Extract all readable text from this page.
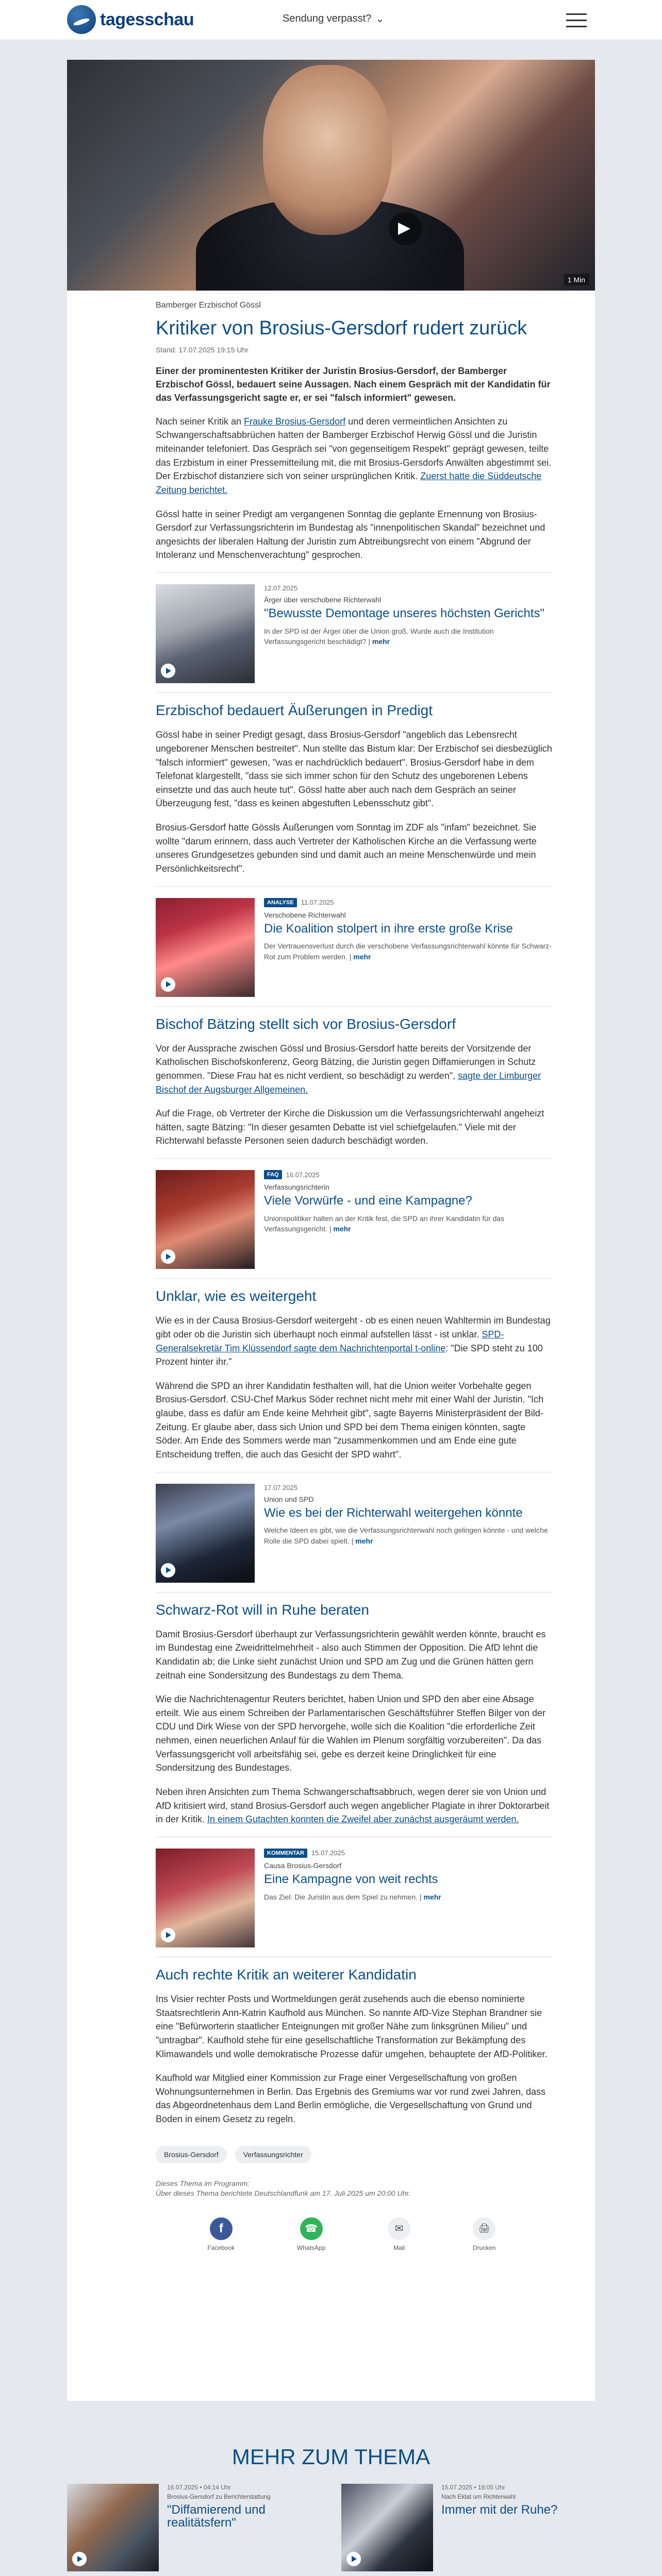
tagesschau	Sendung verpasst? ⌄
1 Min
Bamberger Erzbischof Gössl
Kritiker von Brosius-Gersdorf rudert zurück
Stand: 17.07.2025 19:15 Uhr

Einer der prominentesten Kritiker der Juristin Brosius-Gersdorf, der Bamberger Erzbischof Gössl, bedauert seine Aussagen. Nach einem Gespräch mit der Kandidatin für das Verfassungsgericht sagte er, er sei "falsch informiert" gewesen.

Nach seiner Kritik an Frauke Brosius-Gersdorf und deren vermeintlichen Ansichten zu Schwangerschaftsabbrüchen hatten der Bamberger Erzbischof Herwig Gössl und die Juristin miteinander telefoniert. Das Gespräch sei "von gegenseitigem Respekt" geprägt gewesen, teilte das Erzbistum in einer Pressemitteilung mit, die mit Brosius-Gersdorfs Anwälten abgestimmt sei. Der Erzbischof distanziere sich von seiner ursprünglichen Kritik. Zuerst hatte die Süddeutsche Zeitung berichtet.

Gössl hatte in seiner Predigt am vergangenen Sonntag die geplante Ernennung von Brosius-Gersdorf zur Verfassungsrichterin im Bundestag als "innenpolitischen Skandal" bezeichnet und angesichts der liberalen Haltung der Juristin zum Abtreibungsrecht von einem "Abgrund der Intoleranz und Menschenverachtung" gesprochen.

12.07.2025
Ärger über verschobene Richterwahl
"Bewusste Demontage unseres höchsten Gerichts"
In der SPD ist der Ärger über die Union groß. Wurde auch die Institution Verfassungsgericht beschädigt? | mehr
Erzbischof bedauert Äußerungen in Predigt

Gössl habe in seiner Predigt gesagt, dass Brosius-Gersdorf "angeblich das Lebensrecht ungeborener Menschen bestreitet". Nun stellte das Bistum klar: Der Erzbischof sei diesbezüglich "falsch informiert" gewesen, "was er nachdrücklich bedauert". Brosius-Gersdorf habe in dem Telefonat klargestellt, "dass sie sich immer schon für den Schutz des ungeborenen Lebens einsetzte und das auch heute tut". Gössl hatte aber auch nach dem Gespräch an seiner Überzeugung fest, "dass es keinen abgestuften Lebensschutz gibt".

Brosius-Gersdorf hatte Gössls Äußerungen vom Sonntag im ZDF als "infam" bezeichnet. Sie wollte "darum erinnern, dass auch Vertreter der Katholischen Kirche an die Verfassung werte unseres Grundgesetzes gebunden sind und damit auch an meine Menschenwürde und mein Persönlichkeitsrecht".

ANALYSE	11.07.2025
Verschobene Richterwahl
Die Koalition stolpert in ihre erste große Krise
Der Vertrauensverlust durch die verschobene Verfassungsrichterwahl könnte für Schwarz-Rot zum Problem werden. | mehr
Bischof Bätzing stellt sich vor Brosius-Gersdorf

Vor der Aussprache zwischen Gössl und Brosius-Gersdorf hatte bereits der Vorsitzende der Katholischen Bischofskonferenz, Georg Bätzing, die Juristin gegen Diffamierungen in Schutz genommen. "Diese Frau hat es nicht verdient, so beschädigt zu werden", sagte der Limburger Bischof der Augsburger Allgemeinen.

Auf die Frage, ob Vertreter der Kirche die Diskussion um die Verfassungsrichterwahl angeheizt hätten, sagte Bätzing: "In dieser gesamten Debatte ist viel schiefgelaufen." Viele mit der Richterwahl befasste Personen seien dadurch beschädigt worden.

FAQ	16.07.2025
Verfassungsrichterin
Viele Vorwürfe - und eine Kampagne?
Unionspolitiker halten an der Kritik fest, die SPD an ihrer Kandidatin für das Verfassungsgericht. | mehr
Unklar, wie es weitergeht

Wie es in der Causa Brosius-Gersdorf weitergeht - ob es einen neuen Wahltermin im Bundestag gibt oder ob die Juristin sich überhaupt noch einmal aufstellen lässt - ist unklar. SPD-Generalsekretär Tim Klüssendorf sagte dem Nachrichtenportal t-online: "Die SPD steht zu 100 Prozent hinter ihr."

Während die SPD an ihrer Kandidatin festhalten will, hat die Union weiter Vorbehalte gegen Brosius-Gersdorf. CSU-Chef Markus Söder rechnet nicht mehr mit einer Wahl der Juristin. "Ich glaube, dass es dafür am Ende keine Mehrheit gibt", sagte Bayerns Ministerpräsident der Bild-Zeitung. Er glaube aber, dass sich Union und SPD bei dem Thema einigen könnten, sagte Söder. Am Ende des Sommers werde man "zusammenkommen und am Ende eine gute Entscheidung treffen, die auch das Gesicht der SPD wahrt".

17.07.2025
Union und SPD
Wie es bei der Richterwahl weitergehen könnte
Welche Ideen es gibt, wie die Verfassungsrichterwahl noch gelingen könnte - und welche Rolle die SPD dabei spielt. | mehr
Schwarz-Rot will in Ruhe beraten

Damit Brosius-Gersdorf überhaupt zur Verfassungsrichterin gewählt werden könnte, braucht es im Bundestag eine Zweidrittelmehrheit - also auch Stimmen der Opposition. Die AfD lehnt die Kandidatin ab; die Linke sieht zunächst Union und SPD am Zug und die Grünen hätten gern zeitnah eine Sondersitzung des Bundestags zu dem Thema.

Wie die Nachrichtenagentur Reuters berichtet, haben Union und SPD den aber eine Absage erteilt. Wie aus einem Schreiben der Parlamentarischen Geschäftsführer Steffen Bilger von der CDU und Dirk Wiese von der SPD hervorgehe, wolle sich die Koalition "die erforderliche Zeit nehmen, einen neuerlichen Anlauf für die Wahlen im Plenum sorgfältig vorzubereiten". Da das Verfassungsgericht voll arbeitsfähig sei, gebe es derzeit keine Dringlichkeit für eine Sondersitzung des Bundestages.

Neben ihren Ansichten zum Thema Schwangerschaftsabbruch, wegen derer sie von Union und AfD kritisiert wird, stand Brosius-Gersdorf auch wegen angeblicher Plagiate in ihrer Doktorarbeit in der Kritik. In einem Gutachten konnten die Zweifel aber zunächst ausgeräumt werden.

KOMMENTAR	15.07.2025
Causa Brosius-Gersdorf
Eine Kampagne von weit rechts
Das Ziel: Die Juristin aus dem Spiel zu nehmen. | mehr
Auch rechte Kritik an weiterer Kandidatin

Ins Visier rechter Posts und Wortmeldungen gerät zusehends auch die ebenso nominierte Staatsrechtlerin Ann-Katrin Kaufhold aus München. So nannte AfD-Vize Stephan Brandner sie eine "Befürworterin staatlicher Enteignungen mit großer Nähe zum linksgrünen Milieu" und "untragbar". Kaufhold stehe für eine gesellschaftliche Transformation zur Bekämpfung des Klimawandels und wolle demokratische Prozesse dafür umgehen, behauptete der AfD-Politiker.

Kaufhold war Mitglied einer Kommission zur Frage einer Vergesellschaftung von großen Wohnungsunternehmen in Berlin. Das Ergebnis des Gremiums war vor rund zwei Jahren, dass das Abgeordnetenhaus dem Land Berlin ermögliche, die Vergesellschaftung von Grund und Boden in einem Gesetz zu regeln.

Brosius-Gersdorf	Verfassungsrichter
Dieses Thema im Programm:
Über dieses Thema berichtete Deutschlandfunk am 17. Juli 2025 um 20:00 Uhr.
f
Facebook
☎	WhatsApp
✉	Mail
🖨	Drucken
MEHR ZUM THEMA
16.07.2025 • 04:14 Uhr
Brosius-Gersdorf zu Berichterstattung
"Diffamierend und realitätsfern"
15.07.2025 • 18:05 Uhr
Nach Eklat um Richterwahl
Immer mit der Ruhe?
